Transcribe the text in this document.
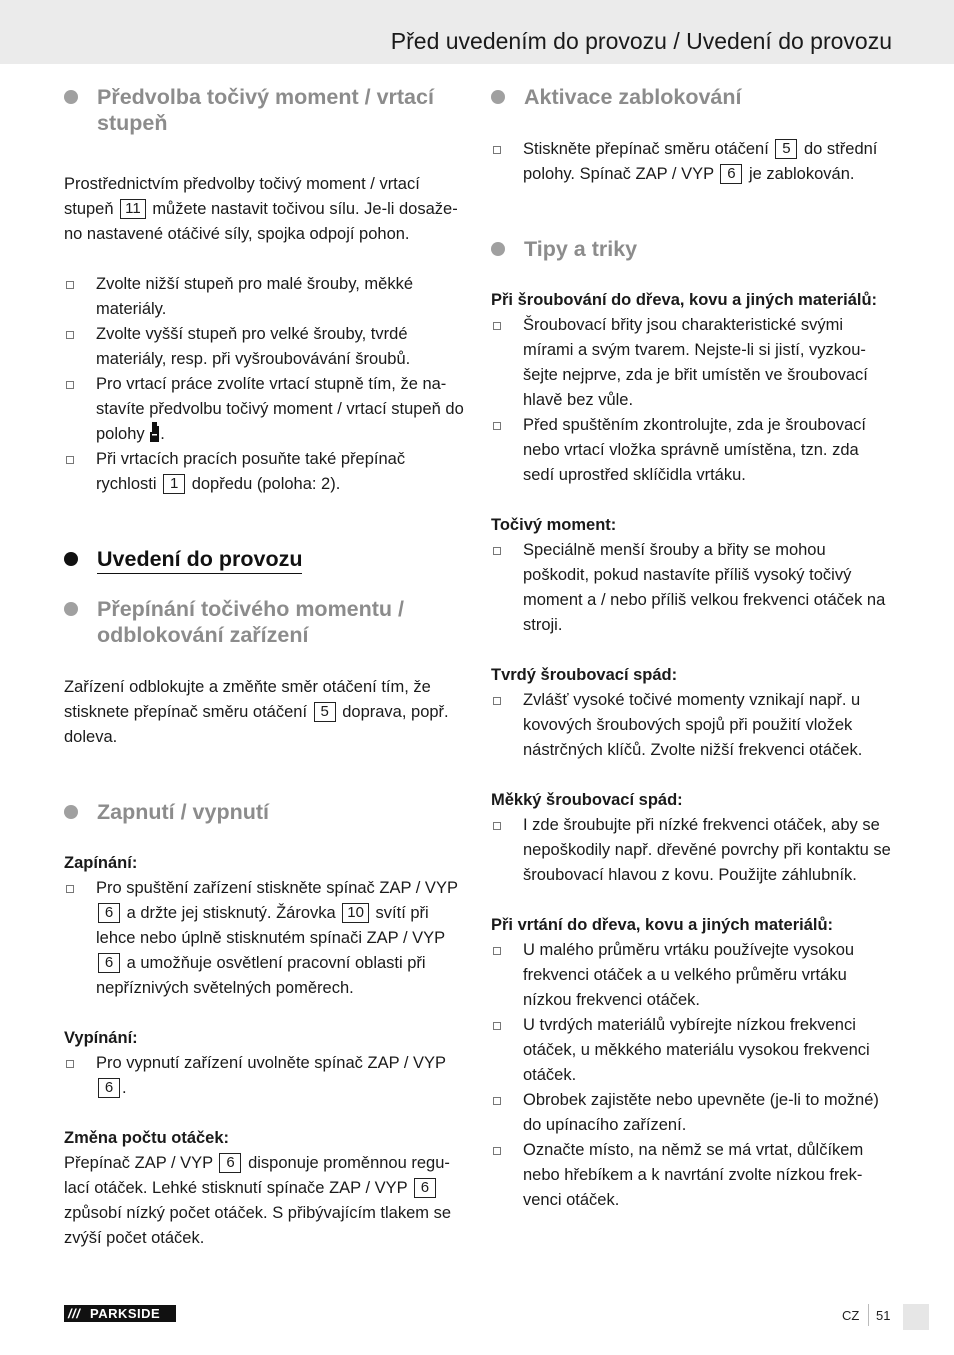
Před uvedením do provozu / Uvedení do provozu
Předvolba točivý moment / vrtací stupeň

Prostřednictvím předvolby točivý moment / vrtací stupeň 11 můžete nastavit točivou sílu. Je-li dosaže-no nastavené otáčivé síly, spojka odpojí pohon.

Zvolte nižší stupeň pro malé šrouby, měkké materiály.
Zvolte vyšší stupeň pro velké šrouby, tvrdé materiály, resp. při vyšroubovávání šroubů.
Pro vrtací práce zvolíte vrtací stupně tím, že na-stavíte předvolbu točivý moment / vrtací stupeň do polohy .
Při vrtacích pracích posuňte také přepínač rychlosti 1 dopředu (poloha: 2).
Uvedení do provozu
Přepínání točivého momentu / odblokování zařízení

Zařízení odblokujte a změňte směr otáčení tím, že stisknete přepínač směru otáčení 5 doprava, popř. doleva.

Zapnutí / vypnutí

Zapínání:

Pro spuštění zařízení stiskněte spínač ZAP / VYP 6 a držte jej stisknutý. Žárovka 10 svítí při lehce nebo úplně stisknutém spínači ZAP / VYP 6 a umožňuje osvětlení pracovní oblasti při nepříznivých světelných poměrech.

Vypínání:

Pro vypnutí zařízení uvolněte spínač ZAP / VYP 6 .

Změna počtu otáček:

Přepínač ZAP / VYP 6 disponuje proměnnou regu-lací otáček. Lehké stisknutí spínače ZAP / VYP 6 způsobí nízký počet otáček. S přibývajícím tlakem se zvýší počet otáček.

Aktivace zablokování
Stiskněte přepínač směru otáčení 5 do střední polohy. Spínač ZAP / VYP 6 je zablokován.
Tipy a triky

Při šroubování do dřeva, kovu a jiných materiálů:

Šroubovací břity jsou charakteristické svými mírami a svým tvarem. Nejste-li si jistí, vyzkou-šejte nejprve, zda je břit umístěn ve šroubovací hlavě bez vůle.
Před spuštěním zkontrolujte, zda je šroubovací nebo vrtací vložka správně umístěna, tzn. zda sedí uprostřed sklíčidla vrtáku.

Točivý moment:

Speciálně menší šrouby a břity se mohou poškodit, pokud nastavíte příliš vysoký točivý moment a / nebo příliš velkou frekvenci otáček na stroji.

Tvrdý šroubovací spád:

Zvlášť vysoké točivé momenty vznikají např. u kovových šroubových spojů při použití vložek nástrčných klíčů. Zvolte nižší frekvenci otáček.

Měkký šroubovací spád:

I zde šroubujte při nízké frekvenci otáček, aby se nepoškodily např. dřevěné povrchy při kontaktu se šroubovací hlavou z kovu. Použijte záhlubník.

Při vrtání do dřeva, kovu a jiných materiálů:

U malého průměru vrtáku používejte vysokou frekvenci otáček a u velkého průměru vrtáku nízkou frekvenci otáček.
U tvrdých materiálů vybírejte nízkou frekvenci otáček, u měkkého materiálu vysokou frekvenci otáček.
Obrobek zajistěte nebo upevněte (je-li to možné) do upínacího zařízení.
Označte místo, na němž se má vrtat, důlčíkem nebo hřebíkem a k navrtání zvolte nízkou frek-venci otáček.
/// PARKSIDE	CZ 51
